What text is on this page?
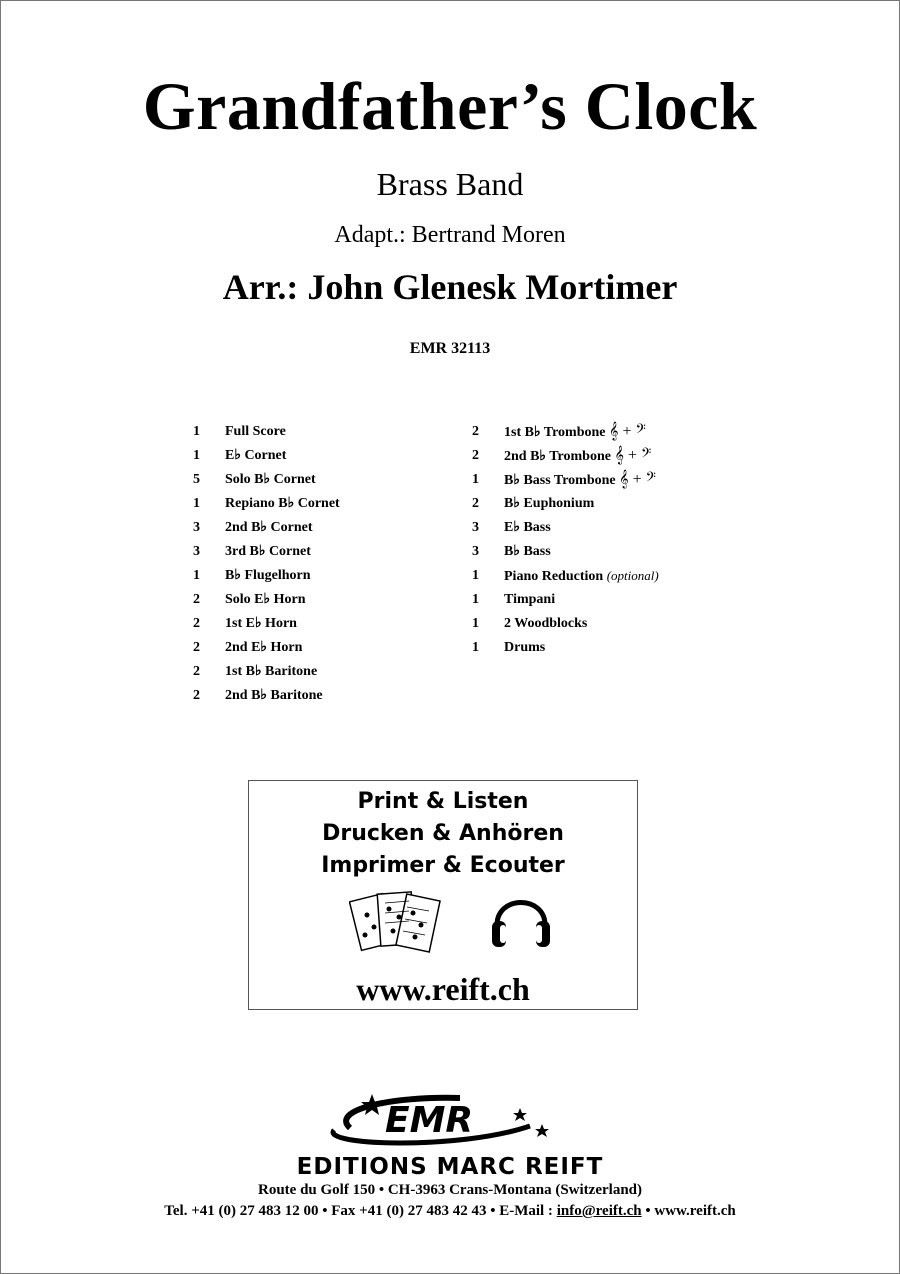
Grandfather’s Clock
Brass Band
Adapt.: Bertrand Moren
Arr.: John Glenesk Mortimer
EMR 32113
1 Full Score
1 E♭ Cornet
5 Solo B♭ Cornet
1 Repiano B♭ Cornet
3 2nd B♭ Cornet
3 3rd B♭ Cornet
1 B♭ Flugelhorn
2 Solo E♭ Horn
2 1st E♭ Horn
2 2nd E♭ Horn
2 1st B♭ Baritone
2 2nd B♭ Baritone
2 1st B♭ Trombone 𝄞 + 𝄢
2 2nd B♭ Trombone 𝄞 + 𝄢
1 B♭ Bass Trombone 𝄞 + 𝄢
2 B♭ Euphonium
3 E♭ Bass
3 B♭ Bass
1 Piano Reduction (optional)
1 Timpani
1 2 Woodblocks
1 Drums
Print & Listen
Drucken & Anhören
Imprimer & Ecouter
www.reift.ch
EMR
EDITIONS MARC REIFT
Route du Golf 150 • CH-3963 Crans-Montana (Switzerland)
Tel. +41 (0) 27 483 12 00 • Fax +41 (0) 27 483 42 43 • E-Mail : info@reift.ch • www.reift.ch
